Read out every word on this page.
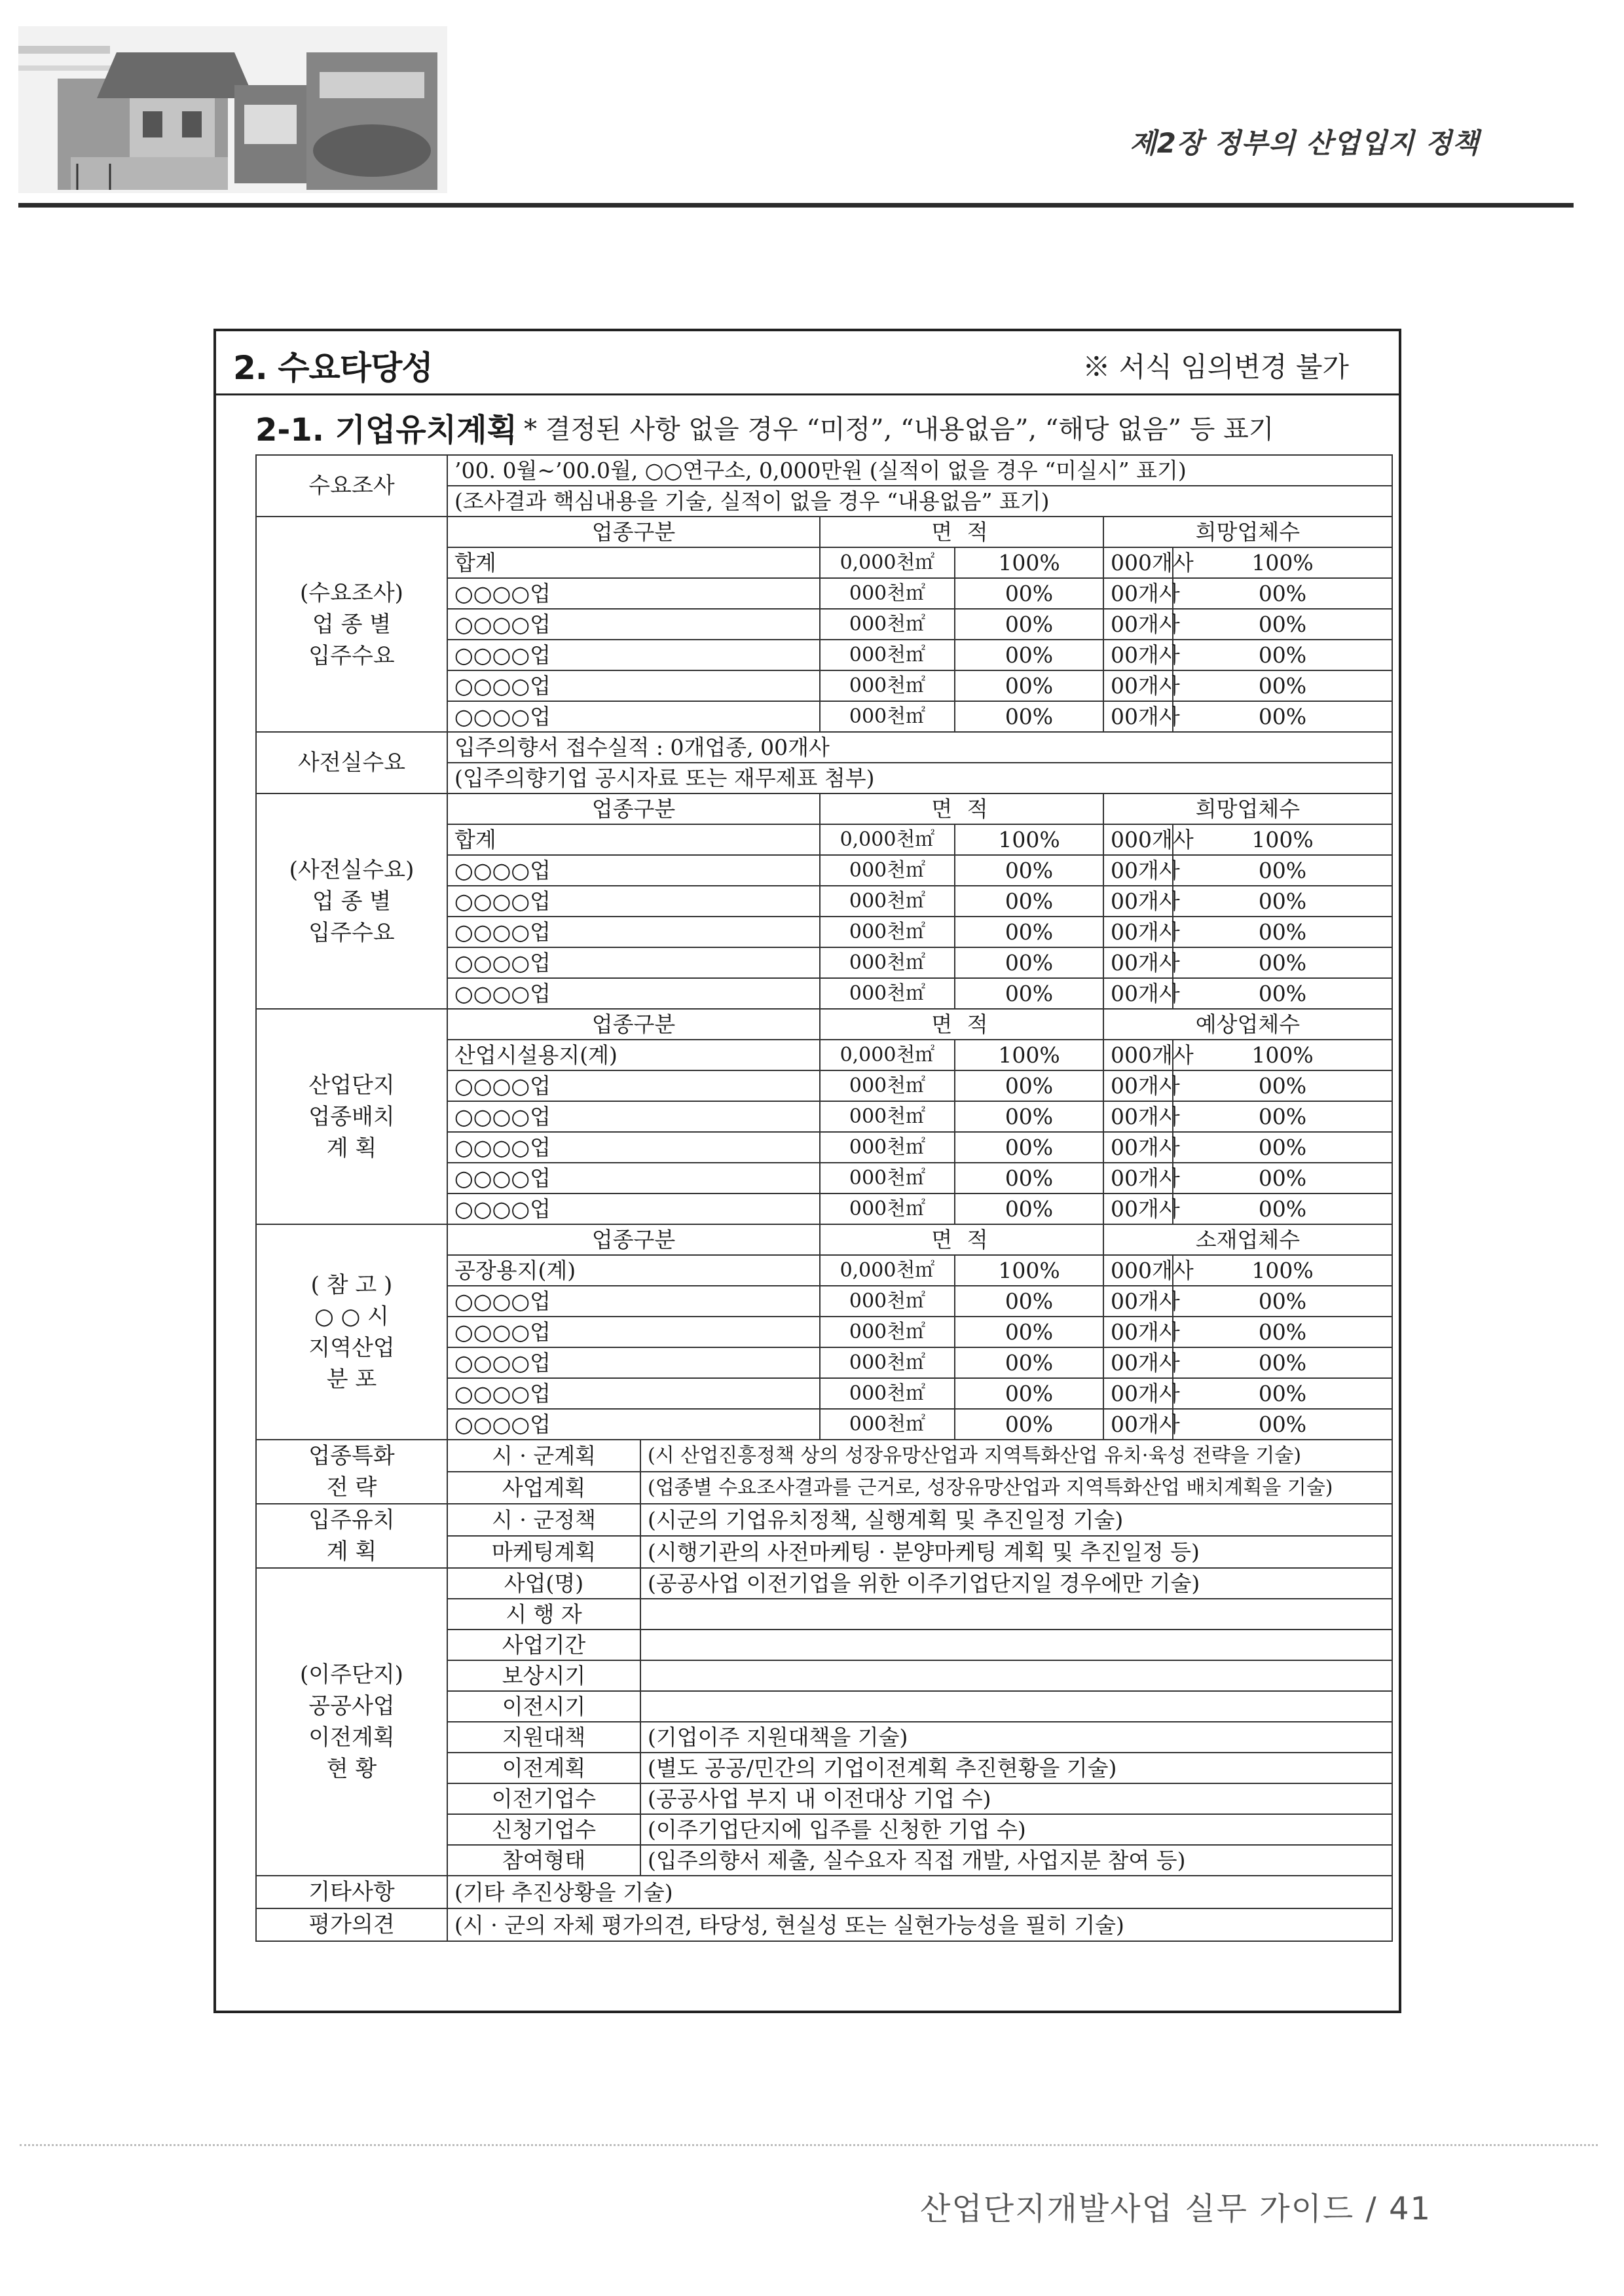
제2장 정부의 산업입지 정책
2. 수요타당성	※ 서식 임의변경 불가
2-1. 기업유치계획 * 결정된 사항 없을 경우 “미정”, “내용없음”, “해당 없음” 등 표기
수요조사	’00. 0월~’00.0월, ○○연구소, 0,000만원 (실적이 없을 경우 “미실시” 표기)					
	(조사결과 핵심내용을 기술, 실적이 없을 경우 “내용없음” 표기)					
(수요조사)
업 종 별
입주수요	업종구분		면 적		희망업체수	
	합계		0,000천㎡	100%	000개사	100%
	○○○○업		000천㎡	00%	00개사	00%
	○○○○업		000천㎡	00%	00개사	00%
	○○○○업		000천㎡	00%	00개사	00%
	○○○○업		000천㎡	00%	00개사	00%
	○○○○업		000천㎡	00%	00개사	00%
사전실수요	입주의향서 접수실적 : 0개업종, 00개사					
	(입주의향기업 공시자료 또는 재무제표 첨부)					
(사전실수요)
업 종 별
입주수요	업종구분		면 적		희망업체수	
	합계		0,000천㎡	100%	000개사	100%
	○○○○업		000천㎡	00%	00개사	00%
	○○○○업		000천㎡	00%	00개사	00%
	○○○○업		000천㎡	00%	00개사	00%
	○○○○업		000천㎡	00%	00개사	00%
	○○○○업		000천㎡	00%	00개사	00%
산업단지
업종배치
계 획	업종구분		면 적		예상업체수	
	산업시설용지(계)		0,000천㎡	100%	000개사	100%
	○○○○업		000천㎡	00%	00개사	00%
	○○○○업		000천㎡	00%	00개사	00%
	○○○○업		000천㎡	00%	00개사	00%
	○○○○업		000천㎡	00%	00개사	00%
	○○○○업		000천㎡	00%	00개사	00%
( 참 고 )
○ ○ 시
지역산업
분 포	업종구분		면 적		소재업체수	
	공장용지(계)		0,000천㎡	100%	000개사	100%
	○○○○업		000천㎡	00%	00개사	00%
	○○○○업		000천㎡	00%	00개사	00%
	○○○○업		000천㎡	00%	00개사	00%
	○○○○업		000천㎡	00%	00개사	00%
	○○○○업		000천㎡	00%	00개사	00%
업종특화
전 략	시 · 군계획	(시 산업진흥정책 상의 성장유망산업과 지역특화산업 유치·육성 전략을 기술)				
	사업계획	(업종별 수요조사결과를 근거로, 성장유망산업과 지역특화산업 배치계획을 기술)				
입주유치
계 획	시 · 군정책	(시군의 기업유치정책, 실행계획 및 추진일정 기술)				
	마케팅계획	(시행기관의 사전마케팅 · 분양마케팅 계획 및 추진일정 등)				
(이주단지)
공공사업
이전계획
현 황	사업(명)	(공공사업 이전기업을 위한 이주기업단지일 경우에만 기술)				
	시 행 자					
	사업기간					
	보상시기					
	이전시기					
	지원대책	(기업이주 지원대책을 기술)				
	이전계획	(별도 공공/민간의 기업이전계획 추진현황을 기술)				
	이전기업수	(공공사업 부지 내 이전대상 기업 수)				
	신청기업수	(이주기업단지에 입주를 신청한 기업 수)				
	참여형태	(입주의향서 제출, 실수요자 직접 개발, 사업지분 참여 등)				
기타사항	(기타 추진상황을 기술)					
평가의견	(시 · 군의 자체 평가의견, 타당성, 현실성 또는 실현가능성을 필히 기술)					
산업단지개발사업 실무 가이드 / 41
